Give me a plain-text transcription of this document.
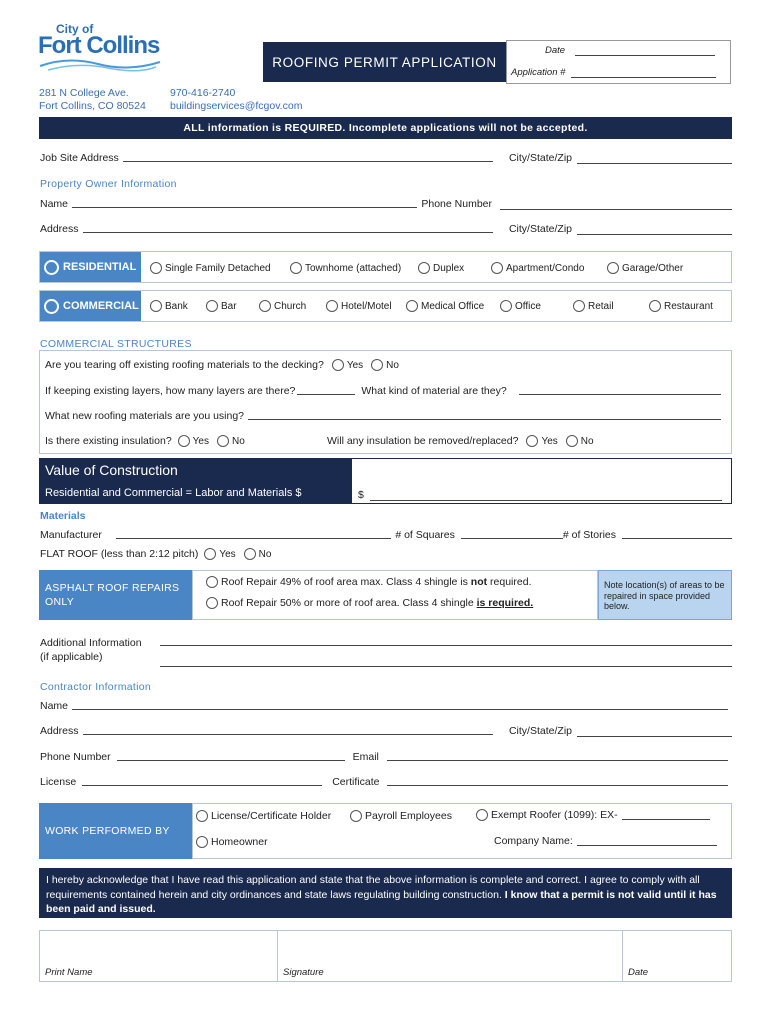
City of
Fort Collins
ROOFING PERMIT APPLICATION
Date
Application #
281 N College Ave.
Fort Collins, CO 80524
970-416-2740
buildingservices@fcgov.com
ALL information is REQUIRED. Incomplete applications will not be accepted.
Job Site Address	City/State/Zip
Property Owner Information
Name	Phone Number
Address	City/State/Zip
RESIDENTIAL	Single Family Detached	Townhome (attached)	Duplex	Apartment/Condo	Garage/Other
COMMERCIAL	Bank	Bar	Church	Hotel/Motel	Medical Office	Office	Retail	Restaurant
COMMERCIAL STRUCTURES
Are you tearing off existing roofing materials to the decking? Yes No
If keeping existing layers, how many layers are there?	What kind of material are they?
What new roofing materials are you using?
Is there existing insulation? Yes No	Will any insulation be removed/replaced? Yes No
Value of Construction
Residential and Commercial = Labor and Materials $	$
Materials
Manufacturer	# of Squares	# of Stories
FLAT ROOF (less than 2:12 pitch) Yes No
ASPHALT ROOF REPAIRS ONLY
Roof Repair 49% of roof area max. Class 4 shingle is not required.
Roof Repair 50% or more of roof area. Class 4 shingle is required.
Note location(s) of areas to be repaired in space provided below.
Additional Information
(if applicable)
Contractor Information
Name
Address	City/State/Zip
Phone Number	Email
License	Certificate
WORK PERFORMED BY
License/Certificate Holder	Payroll Employees	Exempt Roofer (1099): EX-
Homeowner	Company Name:
I hereby acknowledge that I have read this application and state that the above information is complete and correct. I agree to comply with all requirements contained herein and city ordinances and state laws regulating building construction. I know that a permit is not valid until it has been paid and issued.
Print Name	Signature	Date
